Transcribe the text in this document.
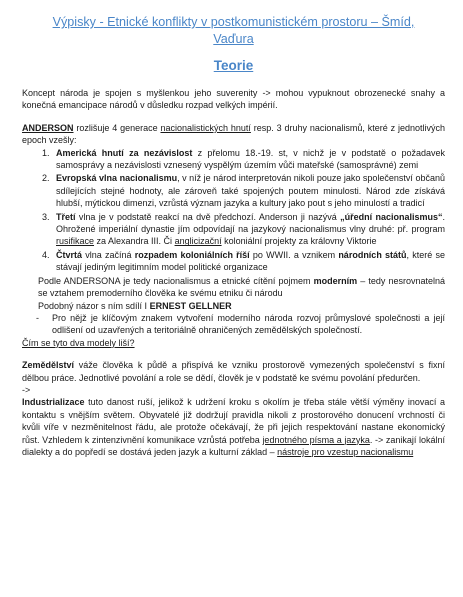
Výpisky - Etnické konflikty v postkomunistickém prostoru – Šmíd, Vaďura
Teorie

Koncept národa je spojen s myšlenkou jeho suverenity -> mohou vypuknout obrozenecké snahy a konečná emancipace národů v důsledku rozpad velkých impérií.

ANDERSON rozlišuje 4 generace nacionalistických hnutí resp. 3 druhy nacionalismů, které z jednotlivých epoch vzešly:

1. Americká hnutí za nezávislost z přelomu 18.-19. st, v nichž je v podstatě o požadavek samosprávy a nezávislosti vznesený vyspělým územím vůči mateřské (samosprávné) zemi
2. Evropská vlna nacionalismu, v níž je národ interpretován nikoli pouze jako společenství občanů sdílejících stejné hodnoty, ale zároveň také spojených poutem minulosti. Národ zde získává hlubší, mýtickou dimenzi, vzrůstá význam jazyka a kultury jako pout s jeho minulostí a tradicí
3. Třetí vlna je v podstatě reakcí na dvě předchozí. Anderson ji nazývá „úřední nacionalismus“. Ohrožené imperiální dynastie jím odpovídají na jazykový nacionalismus vlny druhé: př. program rusifikace za Alexandra III. Či anglicizační koloniální projekty za královny Viktorie
4. Čtvrtá vlna začíná rozpadem koloniálních říší po WWII. a vznikem národních států, které se stávají jediným legitimním model politické organizace

Podle ANDERSONA je tedy nacionalismus a etnické cítění pojmem moderním – tedy nesrovnatelná se vztahem premoderního člověka ke svému etniku či národu

Podobný názor s ním sdílí I ERNEST GELLNER

- Pro nějž je klíčovým znakem vytvoření moderního národa rozvoj průmyslové společnosti a její odlišení od uzavřených a teritoriálně ohraničených zemědělských společností.

Čím se tyto dva modely liší?

Zemědělství váže člověka k půdě a přispívá ke vzniku prostorově vymezených společenství s fixní dělbou práce. Jednotlivé povolání a role se dědí, člověk je v podstatě ke svému povolání předurčen.

->

Industrializace tuto danost ruší, jelikož k udržení kroku s okolím je třeba stále větší výměny inovací a kontaktu s vnějším světem. Obyvatelé již dodržují pravidla nikoli z prostorového donucení vrchností či kvůli víře v nezměnitelnost řádu, ale protože očekávají, že při jejich respektování nastane ekonomický růst. Vzhledem k zintenzivnění komunikace vzrůstá potřeba jednotného písma a jazyka. -> zanikají lokální dialekty a do popředí se dostává jeden jazyk a kulturní základ – nástroje pro vzestup nacionalismu
